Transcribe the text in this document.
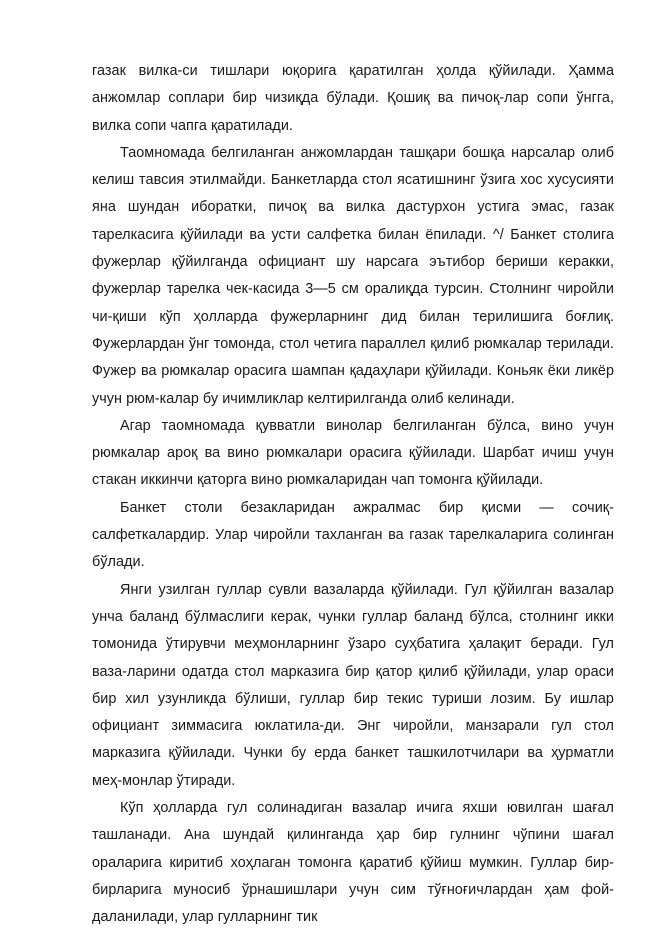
газак вилка-си тишлари юқорига қаратилган ҳолда қўйилади. Ҳамма анжомлар соплари бир чизиқда бўлади. Қошиқ ва пичоқ-лар сопи ўнгга, вилка сопи чапга қаратилади.

Таомномада белгиланган анжомлардан ташқари бошқа нарсалар олиб келиш тавсия этилмайди. Банкетларда стол ясатишнинг ўзига хос хусусияти яна шундан иборатки, пичоқ ва вилка дастурхон устига эмас, газак тарелкасига қўйилади ва усти салфетка билан ёпилади. ^/ Банкет столига фужерлар қўйилганда официант шу нарсага эътибор бериши керакки, фужерлар тарелка чек-касида 3—5 см оралиқда турсин. Столнинг чиройли чи-қиши кўп ҳолларда фужерларнинг дид билан терилишига боғлиқ. Фужерлардан ўнг томонда, стол четига параллел қилиб рюмкалар терилади. Фужер ва рюмкалар орасига шампан қадаҳлари қўйилади. Коньяк ёки ликёр учун рюм-калар бу ичимликлар келтирилганда олиб келинади.

Агар таомномада қувватли винолар белгиланган бўлса, вино учун рюмкалар ароқ ва вино рюмкалари орасига қўйилади. Шарбат ичиш учун стакан иккинчи қаторга вино рюмкаларидан чап томонга қўйилади.

Банкет столи безакларидан ажралмас бир қисми — сочиқ-салфеткалардир. Улар чиройли тахланган ва газак тарелкаларига солинган бўлади.

Янги узилган гуллар сувли вазаларда қўйилади. Гул қўйилган вазалар унча баланд бўлмаслиги керак, чунки гуллар баланд бўлса, столнинг икки томонида ўтирувчи меҳмонларнинг ўзаро суҳбатига ҳалақит беради. Гул ваза-ларини одатда стол марказига бир қатор қилиб қўйилади, улар ораси бир хил узунликда бўлиши, гуллар бир текис туриши лозим. Бу ишлар официант зиммасига юклатила-ди. Энг чиройли, манзарали гул стол марказига қўйилади. Чунки бу ерда банкет ташкилотчилари ва ҳурматли меҳ-монлар ўтиради.

Кўп ҳолларда гул солинадиган вазалар ичига яхши ювилган шағал ташланади. Ана шундай қилинганда ҳар бир гулнинг чўпини шағал ораларига киритиб хоҳлаган томонга қаратиб қўйиш мумкин. Гуллар бир-бирларига муносиб ўрнашишлари учун сим тўғноғичлардан ҳам фой-даланилади, улар гулларнинг тик
